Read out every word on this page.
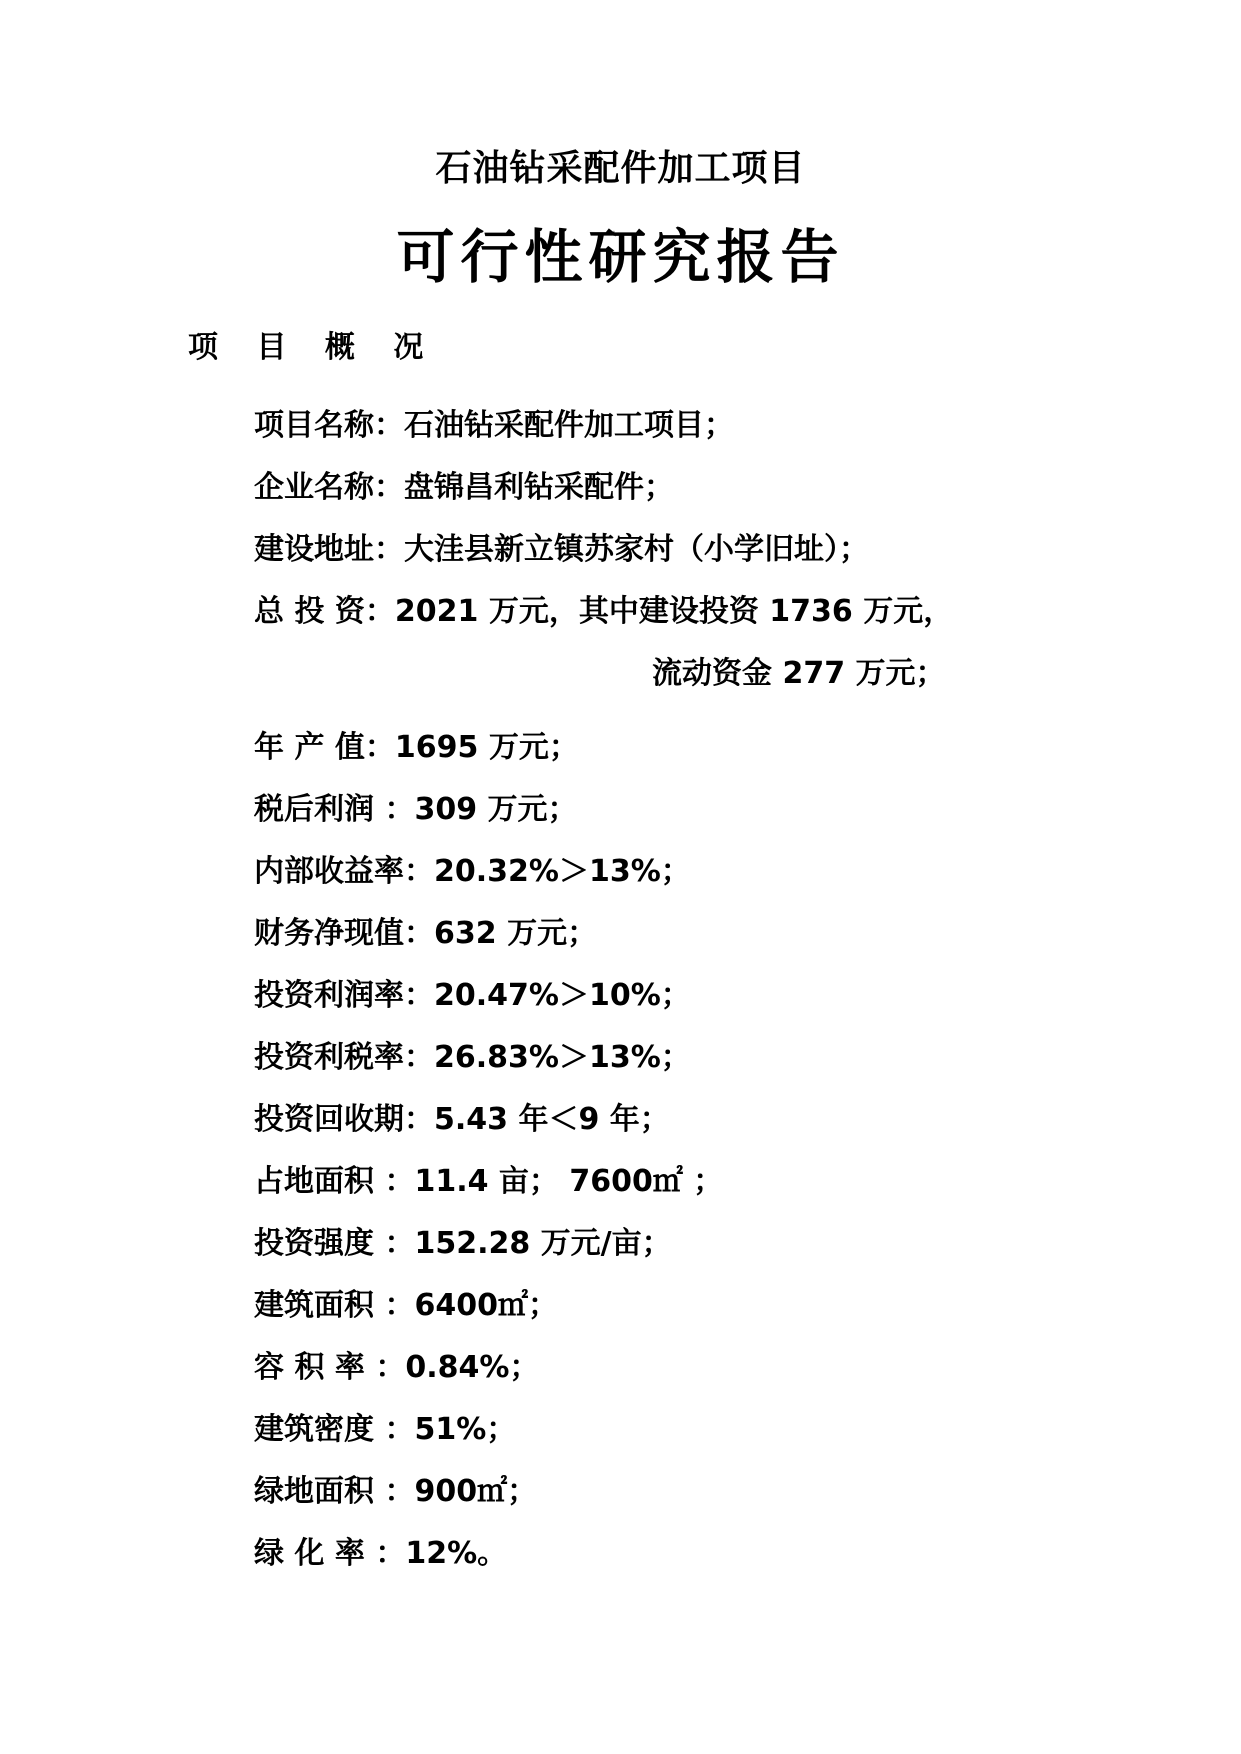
石油钻采配件加工项目
可行性研究报告
项 目 概 况
项目名称：石油钻采配件加工项目；
企业名称：盘锦昌利钻采配件；
建设地址：大洼县新立镇苏家村（小学旧址）；
总 投 资：2021 万元，其中建设投资 1736 万元，
流动资金 277 万元；
年 产 值：1695 万元；
税后利润 ：309 万元；
内部收益率：20.32%＞13%；
财务净现值：632 万元；
投资利润率：20.47%＞10%；
投资利税率：26.83%＞13%；
投资回收期：5.43 年＜9 年；
占地面积 ：11.4 亩； 7600㎡ ；
投资强度 ：152.28 万元/亩；
建筑面积 ：6400㎡；
容 积 率 ：0.84%；
建筑密度 ：51%；
绿地面积 ：900㎡；
绿 化 率 ：12%。
